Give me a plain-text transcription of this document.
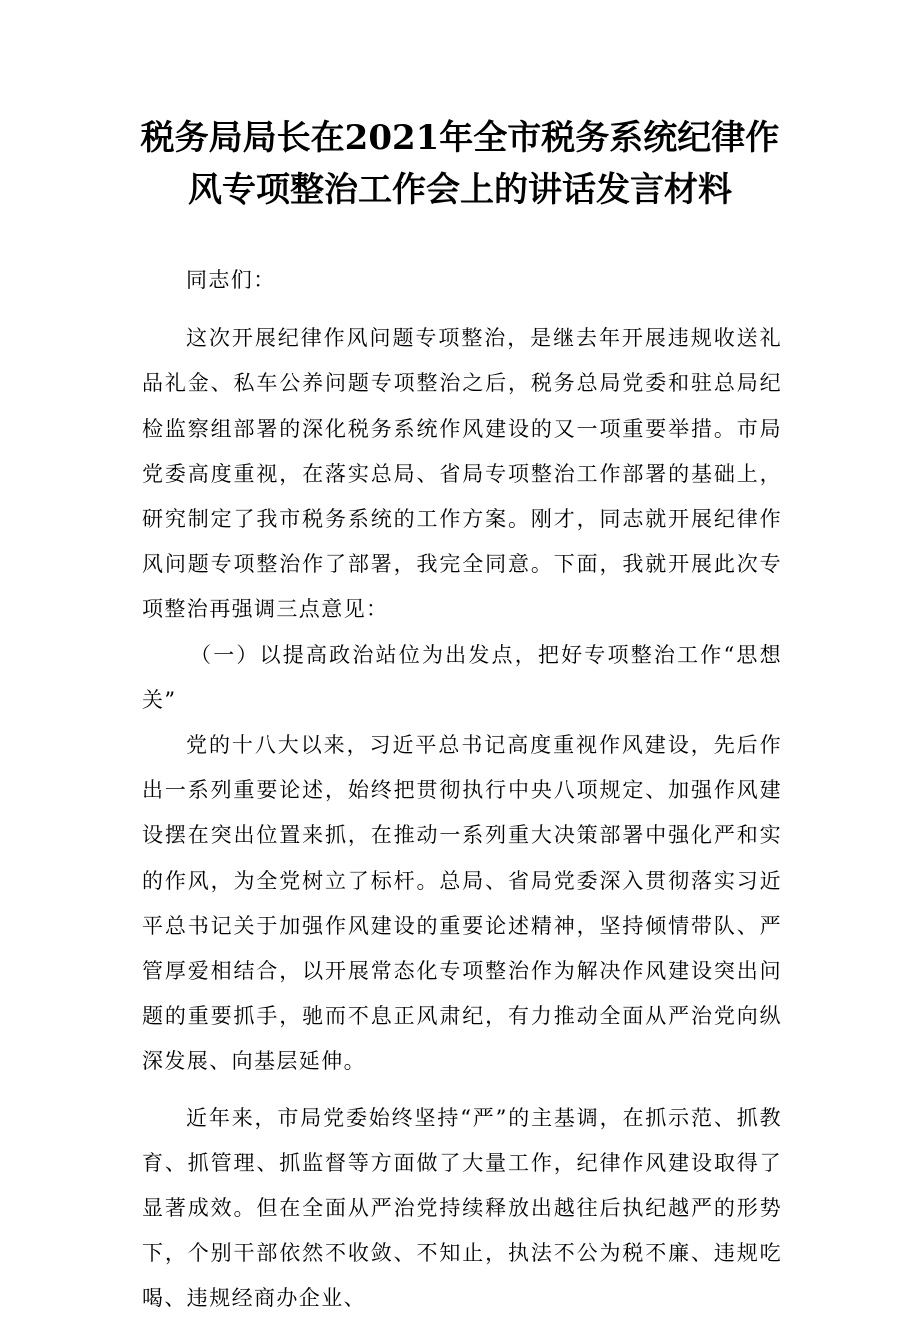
税务局局长在2021年全市税务系统纪律作
风专项整治工作会上的讲话发言材料

同志们：

这次开展纪律作风问题专项整治，是继去年开展违规收送礼品礼金、私车公养问题专项整治之后，税务总局党委和驻总局纪检监察组部署的深化税务系统作风建设的又一项重要举措。市局党委高度重视，在落实总局、省局专项整治工作部署的基础上，研究制定了我市税务系统的工作方案。刚才，同志就开展纪律作风问题专项整治作了部署，我完全同意。下面，我就开展此次专项整治再强调三点意见：

（一）以提高政治站位为出发点，把好专项整治工作“思想关”

党的十八大以来，习近平总书记高度重视作风建设，先后作出一系列重要论述，始终把贯彻执行中央八项规定、加强作风建设摆在突出位置来抓，在推动一系列重大决策部署中强化严和实的作风，为全党树立了标杆。总局、省局党委深入贯彻落实习近平总书记关于加强作风建设的重要论述精神，坚持倾情带队、严管厚爱相结合，以开展常态化专项整治作为解决作风建设突出问题的重要抓手，驰而不息正风肃纪，有力推动全面从严治党向纵深发展、向基层延伸。

近年来，市局党委始终坚持“严”的主基调，在抓示范、抓教育、抓管理、抓监督等方面做了大量工作，纪律作风建设取得了显著成效。但在全面从严治党持续释放出越往后执纪越严的形势下，个别干部依然不收敛、不知止，执法不公为税不廉、违规吃喝、违规经商办企业、
